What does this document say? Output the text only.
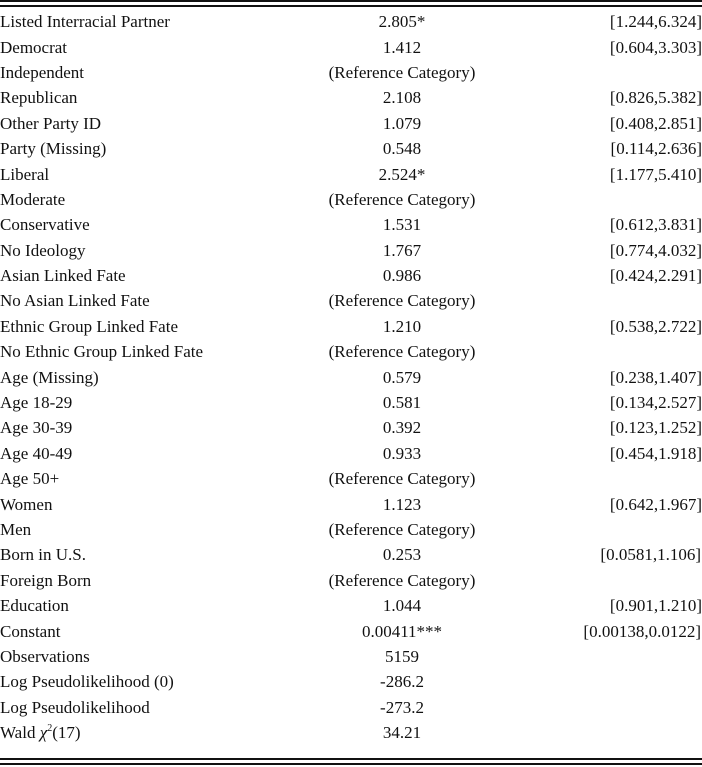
Listed Interracial Partner	2.805*	[1.244,6.324]
Democrat	1.412	[0.604,3.303]
Independent	(Reference Category)	
Republican	2.108	[0.826,5.382]
Other Party ID	1.079	[0.408,2.851]
Party (Missing)	0.548	[0.114,2.636]
Liberal	2.524*	[1.177,5.410]
Moderate	(Reference Category)	
Conservative	1.531	[0.612,3.831]
No Ideology	1.767	[0.774,4.032]
Asian Linked Fate	0.986	[0.424,2.291]
No Asian Linked Fate	(Reference Category)	
Ethnic Group Linked Fate	1.210	[0.538,2.722]
No Ethnic Group Linked Fate	(Reference Category)	
Age (Missing)	0.579	[0.238,1.407]
Age 18-29	0.581	[0.134,2.527]
Age 30-39	0.392	[0.123,1.252]
Age 40-49	0.933	[0.454,1.918]
Age 50+	(Reference Category)	
Women	1.123	[0.642,1.967]
Men	(Reference Category)	
Born in U.S.	0.253	[0.0581,1.106]
Foreign Born	(Reference Category)	
Education	1.044	[0.901,1.210]
Constant	0.00411***	[0.00138,0.0122]
Observations	5159	
Log Pseudolikelihood (0)	-286.2	
Log Pseudolikelihood	-273.2	
Wald $\chi^2(17)$	34.21	
